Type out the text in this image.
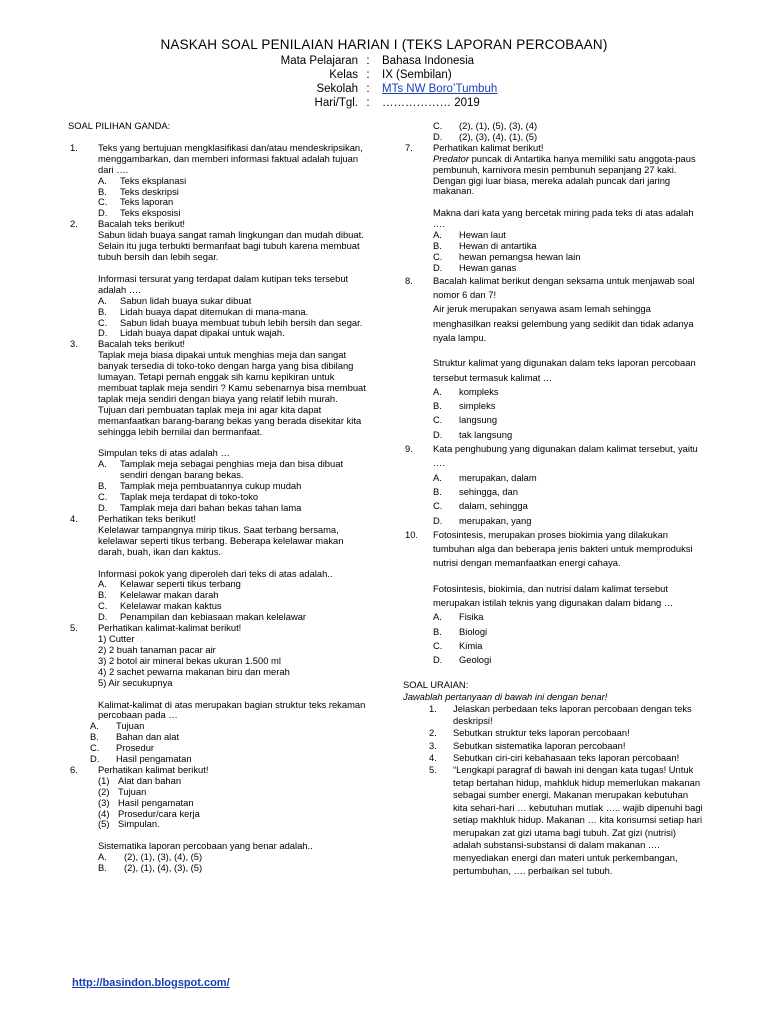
NASKAH SOAL PENILAIAN HARIAN I (TEKS LAPORAN PERCOBAAN)
Mata Pelajaran : Bahasa Indonesia
Kelas : IX (Sembilan)
Sekolah : MTs NW Boro’Tumbuh
Hari/Tgl. : ……………… 2019
SOAL PILIHAN GANDA:
1. Teks yang bertujuan mengklasifikasi dan/atau mendeskripsikan, menggambarkan, dan memberi informasi faktual adalah tujuan dari ….
A. Teks eksplanasi
B. Teks deskripsi
C. Teks laporan
D. Teks eksposisi
2. Bacalah teks berikut!
Sabun lidah buaya sangat ramah lingkungan dan mudah dibuat. Selain itu juga terbukti bermanfaat bagi tubuh karena membuat tubuh bersih dan lebih segar.
Informasi tersurat yang terdapat dalam kutipan teks tersebut adalah ….
A. Sabun lidah buaya sukar dibuat
B. Lidah buaya dapat ditemukan di mana-mana.
C. Sabun lidah buaya membuat tubuh lebih bersih dan segar.
D. Lidah buaya dapat dipakai untuk wajah.
3. Bacalah teks berikut!
Taplak meja biasa dipakai untuk menghias meja dan sangat banyak tersedia di toko-toko dengan harga yang bisa dibilang lumayan. Tetapi pernah enggak sih kamu kepikiran untuk membuat taplak meja sendiri ? Kamu sebenarnya bisa membuat taplak meja sendiri dengan biaya yang relatif lebih murah.
Tujuan dari pembuatan taplak meja ini agar kita dapat memanfaatkan barang-barang bekas yang berada disekitar kita sehingga lebih bernilai dan bermanfaat.
Simpulan teks di atas adalah …
A. Tamplak meja sebagai penghias meja dan bisa dibuat sendiri dengan barang bekas.
B. Tamplak meja pembuatannya cukup mudah
C. Taplak meja terdapat di toko-toko
D. Tamplak meja dari bahan bekas tahan lama
4. Perhatikan teks berikut!
Kelelawar tampangnya mirip tikus. Saat terbang bersama, kelelawar seperti tikus terbang. Beberapa kelelawar makan darah, buah, ikan dan kaktus.
Informasi pokok yang diperoleh dari teks di atas adalah..
A. Kelawar seperti tikus terbang
B. Kelelawar makan darah
C. Kelelawar makan kaktus
D. Penampilan dan kebiasaan makan kelelawar
5. Perhatikan kalimat-kalimat berikut!
1) Cutter
2) 2 buah tanaman pacar air
3) 2 botol air mineral bekas ukuran 1.500 ml
4) 2 sachet pewarna makanan biru dan merah
5) Air secukupnya
Kalimat-kalimat di atas merupakan bagian struktur teks rekaman percobaan pada …
A. Tujuan
B. Bahan dan alat
C. Prosedur
D. Hasil pengamatan
6. Perhatikan kalimat berikut!
(1) Alat dan bahan
(2) Tujuan
(3) Hasil pengamatan
(4) Prosedur/cara kerja
(5) Simpulan.
Sistematika laporan percobaan yang benar adalah..
A. (2), (1), (3), (4), (5)
B. (2), (1), (4), (3), (5)
C. (2), (1), (5), (3), (4)
D. (2), (3), (4), (1), (5)
7. Perhatikan kalimat berikut!
Predator puncak di Antartika hanya memiliki satu anggota-paus pembunuh, karnivora mesin pembunuh sepanjang 27 kaki. Dengan gigi luar biasa, mereka adalah puncak dari jaring makanan.
Makna dari kata yang bercetak miring pada teks di atas adalah ….
A. Hewan laut
B. Hewan di antartika
C. hewan pemangsa hewan lain
D. Hewan ganas
8. Bacalah kalimat berikut dengan seksama untuk menjawab soal nomor 6 dan 7!
Air jeruk merupakan senyawa asam lemah sehingga menghasilkan reaksi gelembung yang sedikit dan tidak adanya nyala lampu.
Struktur kalimat yang digunakan dalam teks laporan percobaan tersebut termasuk kalimat …
A. kompleks
B. simpleks
C. langsung
D. tak langsung
9. Kata penghubung yang digunakan dalam kalimat tersebut, yaitu ….
A. merupakan, dalam
B. sehingga, dan
C. dalam, sehingga
D. merupakan, yang
10. Fotosintesis, merupakan proses biokimia yang dilakukan tumbuhan alga dan beberapa jenis bakteri untuk memproduksi nutrisi dengan memanfaatkan energi cahaya.
Fotosintesis, biokimia, dan nutrisi dalam kalimat tersebut merupakan istilah teknis yang digunakan dalam bidang …
A. Fisika
B. Biologi
C. Kimia
D. Geologi
SOAL URAIAN:
Jawablah pertanyaan di bawah ini dengan benar!
1. Jelaskan perbedaan teks laporan percobaan dengan teks deskripsi!
2. Sebutkan struktur teks laporan percobaan!
3. Sebutkan sistematika laporan percobaan!
4. Sebutkan ciri-ciri kebahasaan teks laporan percobaan!
5. “Lengkapi paragraf di bawah ini dengan kata tugas! Untuk tetap bertahan hidup, mahkluk hidup memerlukan makanan sebagai sumber energi. Makanan merupakan kebutuhan kita sehari-hari … kebutuhan mutlak ….. wajib dipenuhi bagi setiap makhluk hidup. Makanan … kita konsumsi setiap hari merupakan zat gizi utama bagi tubuh. Zat gizi (nutrisi) adalah substansi-substansi di dalam makanan …. menyediakan energi dan materi untuk perkembangan, pertumbuhan, …. perbaikan sel tubuh.
http://basindon.blogspot.com/
